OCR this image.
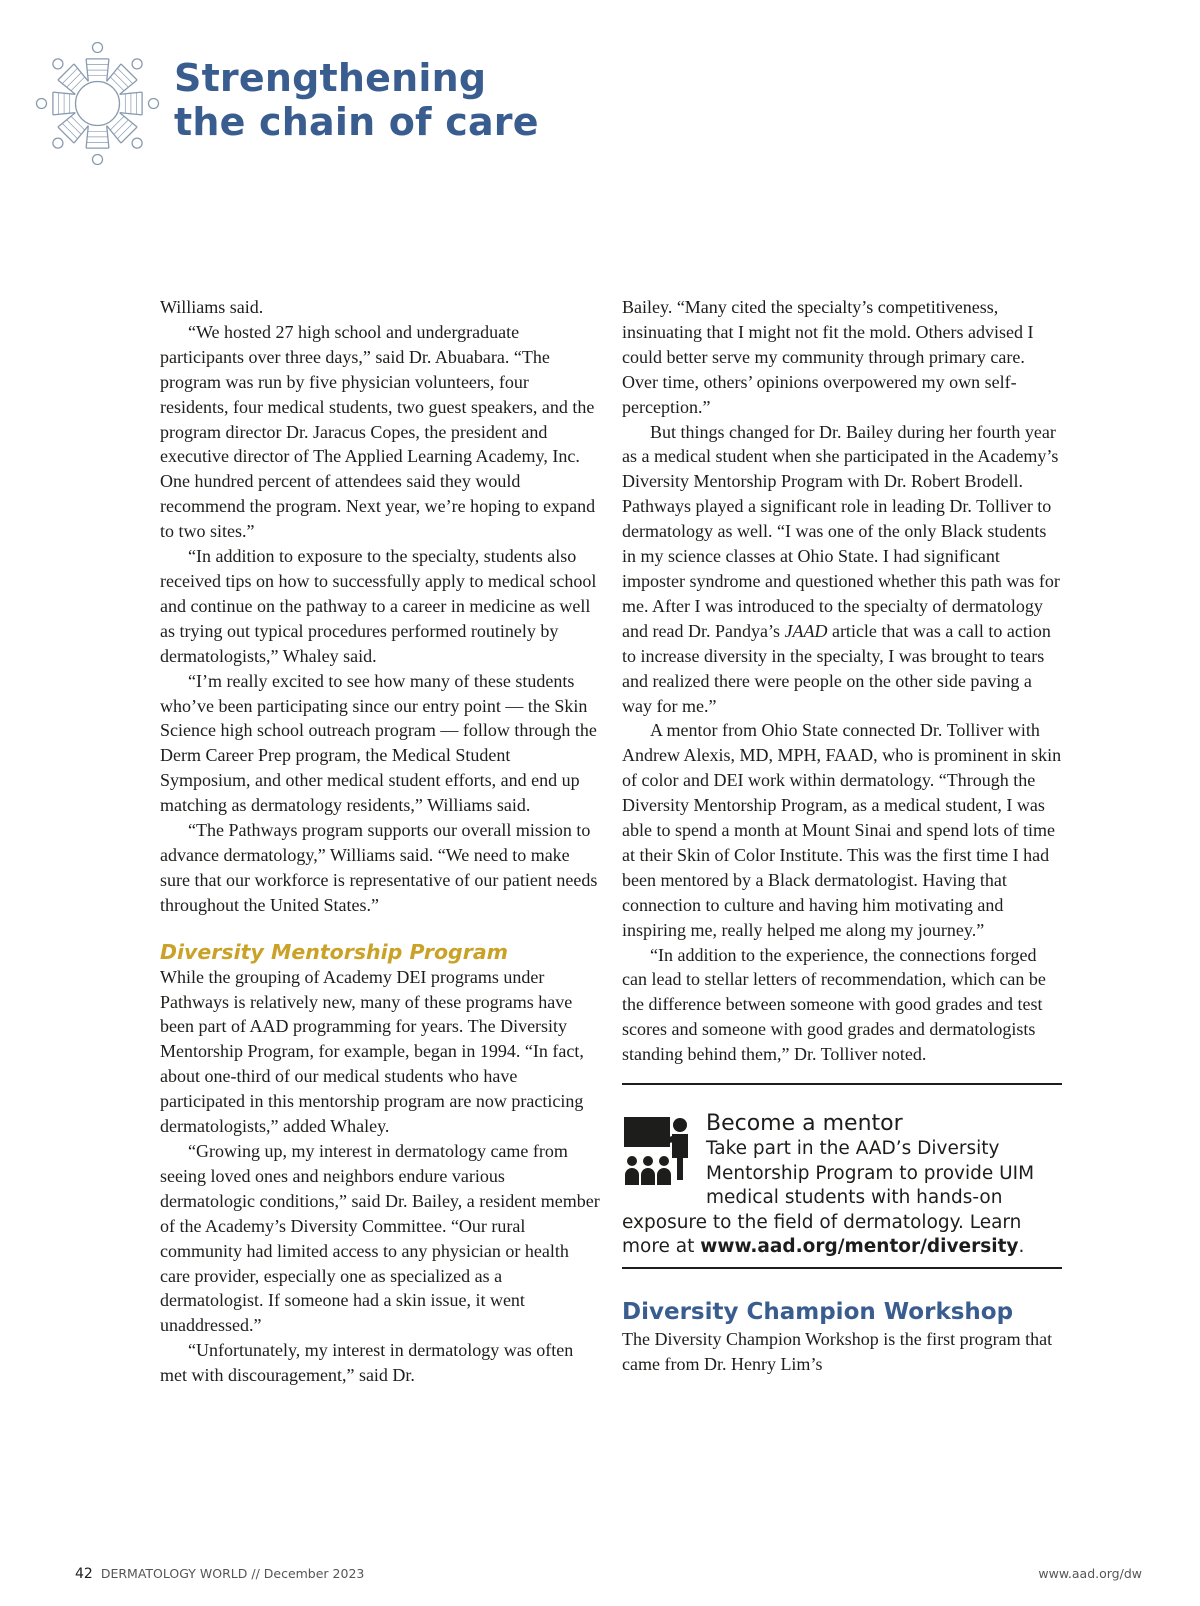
Strengthening
the chain of care

Williams said.

“We hosted 27 high school and undergraduate participants over three days,” said Dr. Abuabara. “The program was run by five physician volunteers, four residents, four medical students, two guest speakers, and the program director Dr. Jaracus Copes, the president and executive director of The Applied Learning Academy, Inc. One hundred percent of attendees said they would recommend the program. Next year, we’re hoping to expand to two sites.”

“In addition to exposure to the specialty, students also received tips on how to successfully apply to medical school and continue on the pathway to a career in medicine as well as trying out typical procedures performed routinely by dermatologists,” Whaley said.

“I’m really excited to see how many of these students who’ve been participating since our entry point — the Skin Science high school outreach program — follow through the Derm Career Prep program, the Medical Student Symposium, and other medical student efforts, and end up matching as dermatology residents,” Williams said.

“The Pathways program supports our overall mission to advance dermatology,” Williams said. “We need to make sure that our workforce is representative of our patient needs throughout the United States.”

Diversity Mentorship Program

While the grouping of Academy DEI programs under Pathways is relatively new, many of these programs have been part of AAD programming for years. The Diversity Mentorship Program, for example, began in 1994. “In fact, about one-third of our medical students who have participated in this mentorship program are now practicing dermatologists,” added Whaley.

“Growing up, my interest in dermatology came from seeing loved ones and neighbors endure various dermatologic conditions,” said Dr. Bailey, a resident member of the Academy’s Diversity Committee. “Our rural community had limited access to any physician or health care provider, especially one as specialized as a dermatologist. If someone had a skin issue, it went unaddressed.”

“Unfortunately, my interest in dermatology was often met with discouragement,” said Dr.

Bailey. “Many cited the specialty’s competitiveness, insinuating that I might not fit the mold. Others advised I could better serve my community through primary care. Over time, others’ opinions overpowered my own self-perception.”

But things changed for Dr. Bailey during her fourth year as a medical student when she participated in the Academy’s Diversity Mentorship Program with Dr. Robert Brodell. Pathways played a significant role in leading Dr. Tolliver to dermatology as well. “I was one of the only Black students in my science classes at Ohio State. I had significant imposter syndrome and questioned whether this path was for me. After I was introduced to the specialty of dermatology and read Dr. Pandya’s JAAD article that was a call to action to increase diversity in the specialty, I was brought to tears and realized there were people on the other side paving a way for me.”

A mentor from Ohio State connected Dr. Tolliver with Andrew Alexis, MD, MPH, FAAD, who is prominent in skin of color and DEI work within dermatology. “Through the Diversity Mentorship Program, as a medical student, I was able to spend a month at Mount Sinai and spend lots of time at their Skin of Color Institute. This was the first time I had been mentored by a Black dermatologist. Having that connection to culture and having him motivating and inspiring me, really helped me along my journey.”

“In addition to the experience, the connections forged can lead to stellar letters of recommendation, which can be the difference between someone with good grades and test scores and someone with good grades and dermatologists standing behind them,” Dr. Tolliver noted.

Become a mentor

Take part in the AAD’s Diversity Mentorship Program to provide UIM medical students with hands-on exposure to the field of dermatology. Learn more at www.aad.org/mentor/diversity.

Diversity Champion Workshop

The Diversity Champion Workshop is the first program that came from Dr. Henry Lim’s

42 DERMATOLOGY WORLD // December 2023	www.aad.org/dw
